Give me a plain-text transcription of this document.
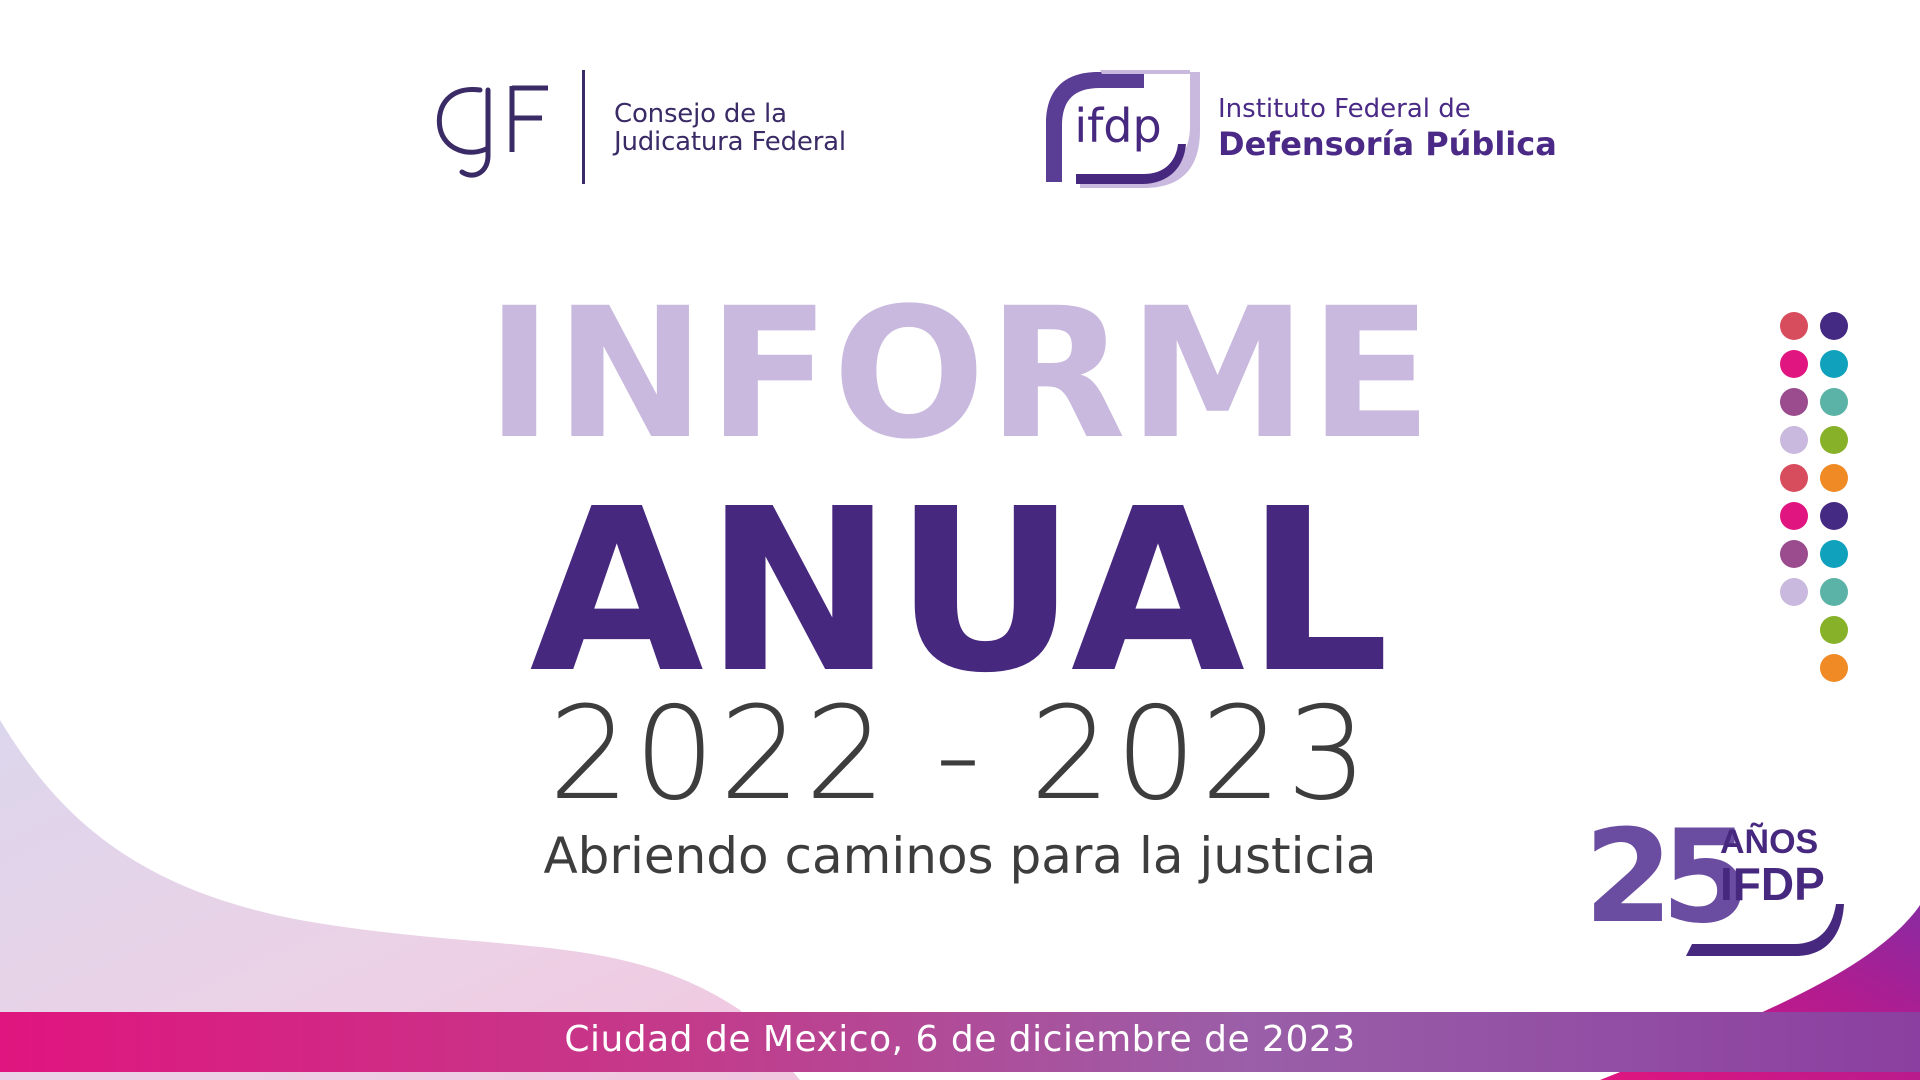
Consejo de la
Judicatura Federal	ifdp Instituto Federal de
Defensoría Pública
INFORME
ANUAL
2022 - 2023
Abriendo caminos para la justicia	25
AÑOS
IFDP
Ciudad de Mexico, 6 de diciembre de 2023
